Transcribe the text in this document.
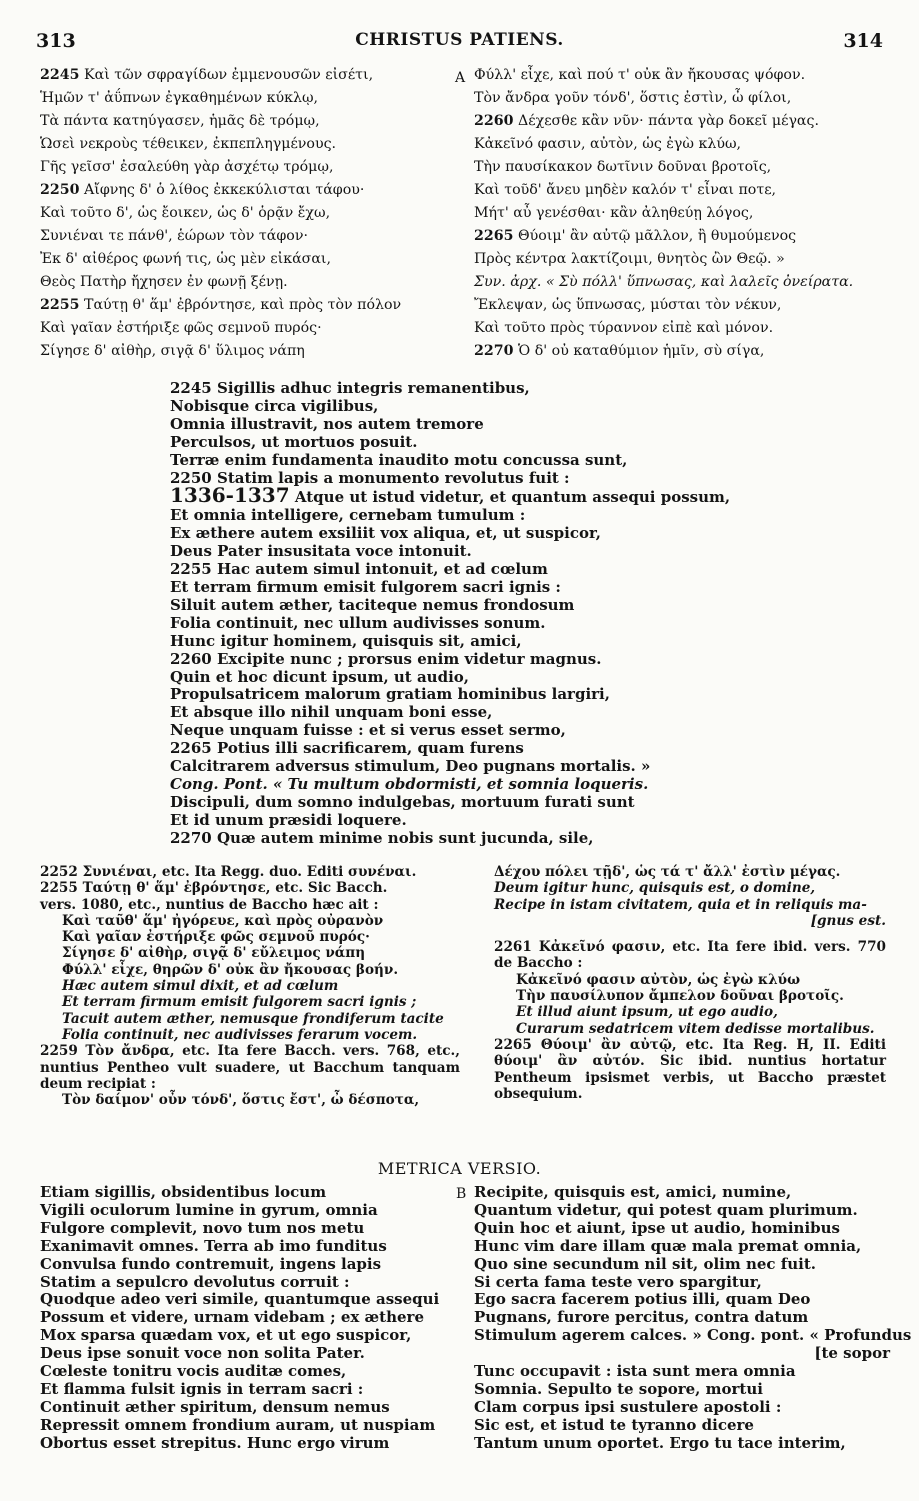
313	CHRISTUS PATIENS.	314
2245 Καὶ τῶν σφραγίδων ἐμμενουσῶν εἰσέτι,
Ἡμῶν τ' ἀΰπνων ἐγκαθημένων κύκλῳ,
Τὰ πάντα κατηύγασεν, ἡμᾶς δὲ τρόμῳ,
Ὡσεὶ νεκροὺς τέθεικεν, ἐκπεπληγμένους.
Γῆς γεῖσσ' ἐσαλεύθη γὰρ ἀσχέτῳ τρόμῳ,
2250 Αἴφνης δ' ὁ λίθος ἐκκεκύλισται τάφου·
Καὶ τοῦτο δ', ὡς ἔοικεν, ὡς δ' ὁρᾷν ἔχω,
Συνιέναι τε πάνθ', ἑώρων τὸν τάφον·
Ἐκ δ' αἰθέρος φωνή τις, ὡς μὲν εἰκάσαι,
Θεὸς Πατὴρ ἤχησεν ἐν φωνῇ ξένῃ.
2255 Ταύτῃ θ' ἅμ' ἐβρόντησε, καὶ πρὸς τὸν πόλον
Καὶ γαῖαν ἐστήριξε φῶς σεμνοῦ πυρός·
Σίγησε δ' αἰθὴρ, σιγᾷ δ' ὕλιμος νάπη
A Φύλλ' εἶχε, καὶ πού τ' οὐκ ἂν ἤκουσας ψόφον.
Τὸν ἄνδρα γοῦν τόνδ', ὅστις ἐστὶν, ὦ φίλοι,
2260 Δέχεσθε κἂν νῦν· πάντα γὰρ δοκεῖ μέγας.
Κἀκεῖνό φασιν, αὐτὸν, ὡς ἐγὼ κλύω,
Τὴν παυσίκακον δωτῖνιν δοῦναι βροτοῖς,
Καὶ τοῦδ' ἄνευ μηδὲν καλόν τ' εἶναι ποτε,
Μήτ' αὖ γενέσθαι· κἂν ἀληθεύῃ λόγος,
2265 Θύοιμ' ἂν αὐτῷ μᾶλλον, ἢ θυμούμενος
Πρὸς κέντρα λακτίζοιμι, θνητὸς ὢν Θεῷ. »
Συν. ἀρχ. « Σὺ πόλλ' ὕπνωσας, καὶ λαλεῖς ὀνείρατα.
Ἔκλεψαν, ὡς ὕπνωσας, μύσται τὸν νέκυν,
Καὶ τοῦτο πρὸς τύραννον εἰπὲ καὶ μόνον.
2270 Ὁ δ' οὐ καταθύμιον ἡμῖν, σὺ σίγα,
2245 Sigillis adhuc integris remanentibus,
Nobisque circa vigilibus,
Omnia illustravit, nos autem tremore
Perculsos, ut mortuos posuit.
Terræ enim fundamenta inaudito motu concussa sunt,
2250 Statim lapis a monumento revolutus fuit :
1336-1337 Atque ut istud videtur, et quantum assequi possum,
Et omnia intelligere, cernebam tumulum :
Ex æthere autem exsiliit vox aliqua, et, ut suspicor,
Deus Pater insusitata voce intonuit.
2255 Hac autem simul intonuit, et ad cœlum
Et terram firmum emisit fulgorem sacri ignis :
Siluit autem æther, taciteque nemus frondosum
Folia continuit, nec ullum audivisses sonum.
Hunc igitur hominem, quisquis sit, amici,
2260 Excipite nunc ; prorsus enim videtur magnus.
Quin et hoc dicunt ipsum, ut audio,
Propulsatricem malorum gratiam hominibus largiri,
Et absque illo nihil unquam boni esse,
Neque unquam fuisse : et si verus esset sermo,
2265 Potius illi sacrificarem, quam furens
Calcitrarem adversus stimulum, Deo pugnans mortalis. »
Cong. Pont. « Tu multum obdormisti, et somnia loqueris.
Discipuli, dum somno indulgebas, mortuum furati sunt
Et id unum præsidi loquere.
2270 Quæ autem minime nobis sunt jucunda, sile,
2252 Συνιέναι, etc. Ita Regg. duo. Editi συνέναι.
2255 Ταύτῃ θ' ἅμ' ἐβρόντησε, etc. Sic Bacch.
vers. 1080, etc., nuntius de Baccho hæc ait :
Καὶ ταῦθ' ἅμ' ἠγόρευε, καὶ πρὸς οὐρανὸν
Καὶ γαῖαν ἐστήριξε φῶς σεμνοῦ πυρός·
Σίγησε δ' αἰθὴρ, σιγᾷ δ' εὔλειμος νάπη
Φύλλ' εἶχε, θηρῶν δ' οὐκ ἂν ἤκουσας βοήν.
Hæc autem simul dixit, et ad cœlum
Et terram firmum emisit fulgorem sacri ignis ;
Tacuit autem æther, nemusque frondiferum tacite
Folia continuit, nec audivisses ferarum vocem.
2259 Τὸν ἄνδρα, etc. Ita fere Bacch. vers. 768, etc., nuntius Pentheo vult suadere, ut Bacchum tanquam deum recipiat :
Τὸν δαίμον' οὖν τόνδ', ὅστις ἔστ', ὦ δέσποτα,
Δέχου πόλει τῇδ', ὡς τά τ' ἄλλ' ἐστὶν μέγας.
Deum igitur hunc, quisquis est, o domine,
Recipe in istam civitatem, quia et in reliquis ma-
[gnus est.
2261 Κἀκεῖνό φασιν, etc. Ita fere ibid. vers. 770 de Baccho :
Κἀκεῖνό φασιν αὐτὸν, ὡς ἐγὼ κλύω
Τὴν παυσίλυπον ἄμπελον δοῦναι βροτοῖς.
Et illud aiunt ipsum, ut ego audio,
Curarum sedatricem vitem dedisse mortalibus.
2265 Θύοιμ' ἂν αὐτῷ, etc. Ita Reg. H, II. Editi θύοιμ' ἂν αὐτόν. Sic ibid. nuntius hortatur Pentheum ipsismet verbis, ut Baccho præstet obsequium.
METRICA VERSIO.
Etiam sigillis, obsidentibus locum
Vigili oculorum lumine in gyrum, omnia
Fulgore complevit, novo tum nos metu
Exanimavit omnes. Terra ab imo funditus
Convulsa fundo contremuit, ingens lapis
Statim a sepulcro devolutus corruit :
Quodque adeo veri simile, quantumque assequi
Possum et videre, urnam videbam ; ex æthere
Mox sparsa quædam vox, et ut ego suspicor,
Deus ipse sonuit voce non solita Pater.
Cœleste tonitru vocis auditæ comes,
Et flamma fulsit ignis in terram sacri :
Continuit æther spiritum, densum nemus
Repressit omnem frondium auram, ut nuspiam
Obortus esset strepitus. Hunc ergo virum
B Recipite, quisquis est, amici, numine,
Quantum videtur, qui potest quam plurimum.
Quin hoc et aiunt, ipse ut audio, hominibus
Hunc vim dare illam quæ mala premat omnia,
Quo sine secundum nil sit, olim nec fuit.
Si certa fama teste vero spargitur,
Ego sacra facerem potius illi, quam Deo
Pugnans, furore percitus, contra datum
Stimulum agerem calces. » Cong. pont. « Profundus
[te sopor
Tunc occupavit : ista sunt mera omnia
Somnia. Sepulto te sopore, mortui
Clam corpus ipsi sustulere apostoli :
Sic est, et istud te tyranno dicere
Tantum unum oportet. Ergo tu tace interim,
